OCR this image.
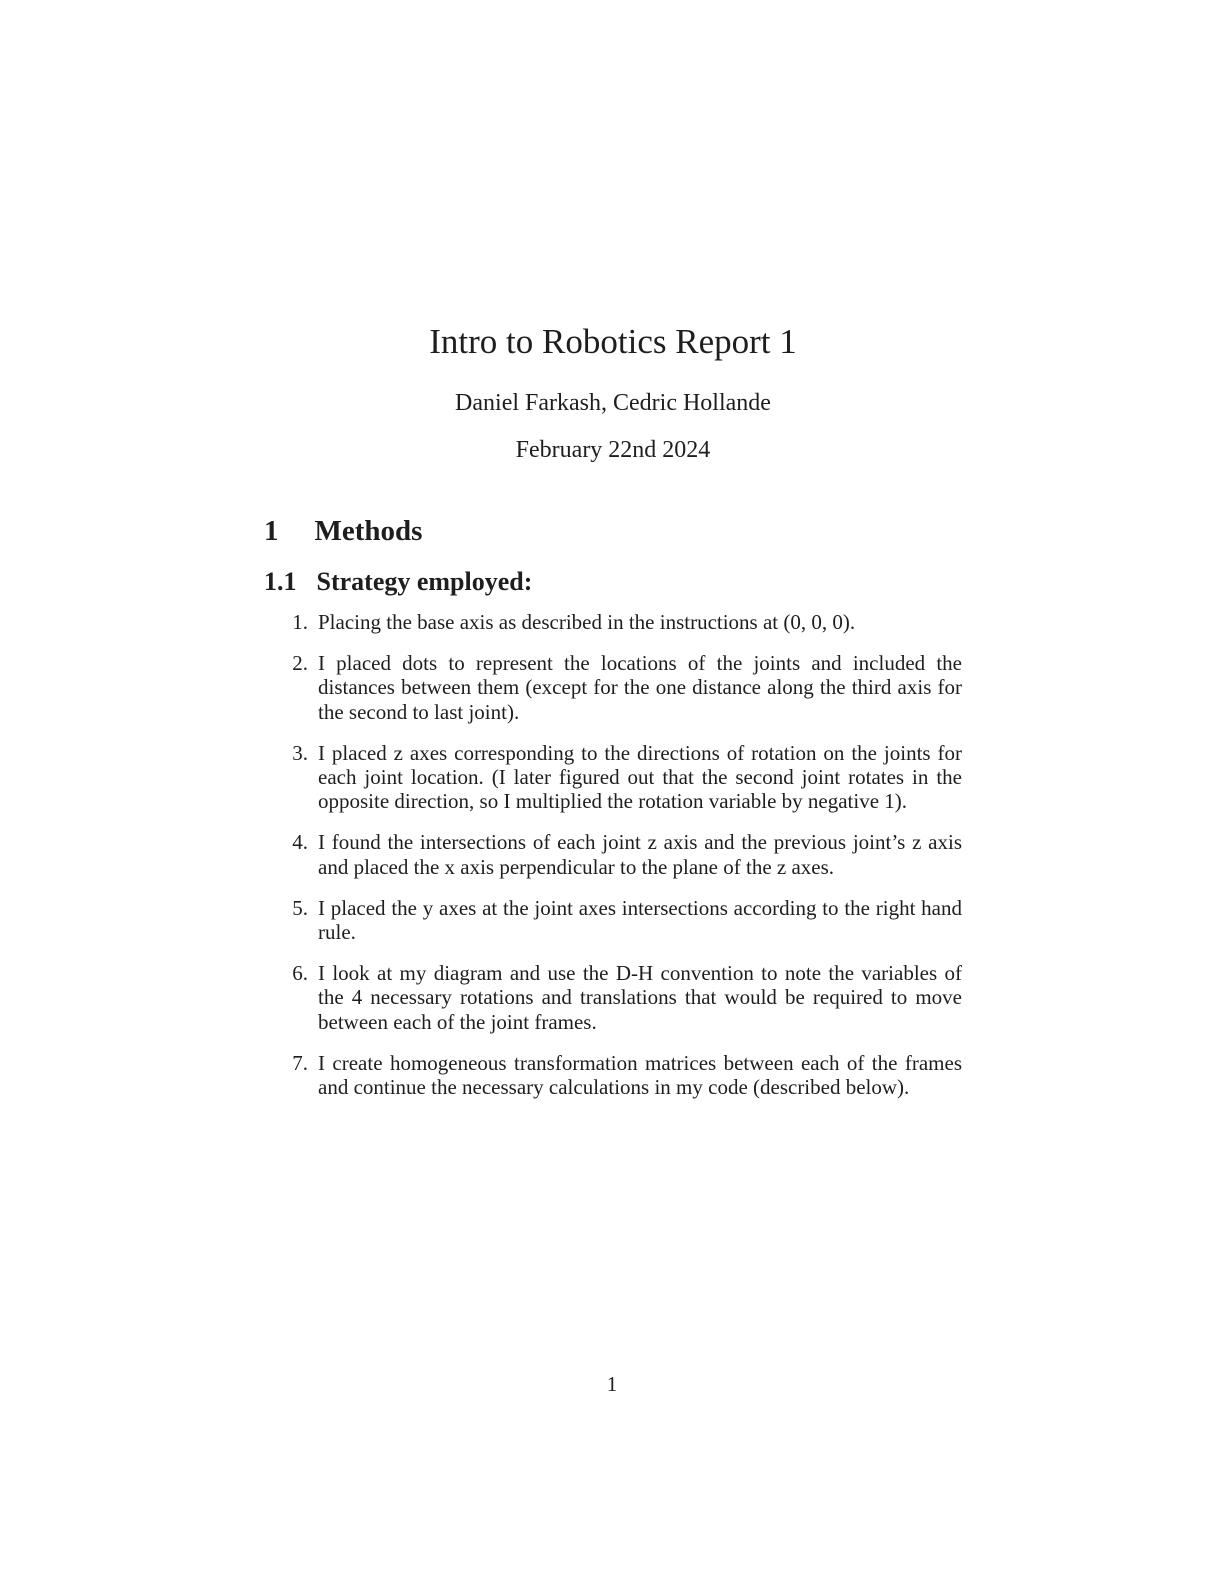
Intro to Robotics Report 1
Daniel Farkash, Cedric Hollande
February 22nd 2024
1 Methods
1.1 Strategy employed:
1. Placing the base axis as described in the instructions at (0, 0, 0).
2. I placed dots to represent the locations of the joints and included the distances between them (except for the one distance along the third axis for the second to last joint).
3. I placed z axes corresponding to the directions of rotation on the joints for each joint location. (I later figured out that the second joint rotates in the opposite direction, so I multiplied the rotation variable by negative 1).
4. I found the intersections of each joint z axis and the previous joint’s z axis and placed the x axis perpendicular to the plane of the z axes.
5. I placed the y axes at the joint axes intersections according to the right hand rule.
6. I look at my diagram and use the D-H convention to note the variables of the 4 necessary rotations and translations that would be required to move between each of the joint frames.
7. I create homogeneous transformation matrices between each of the frames and continue the necessary calculations in my code (described below).
1
